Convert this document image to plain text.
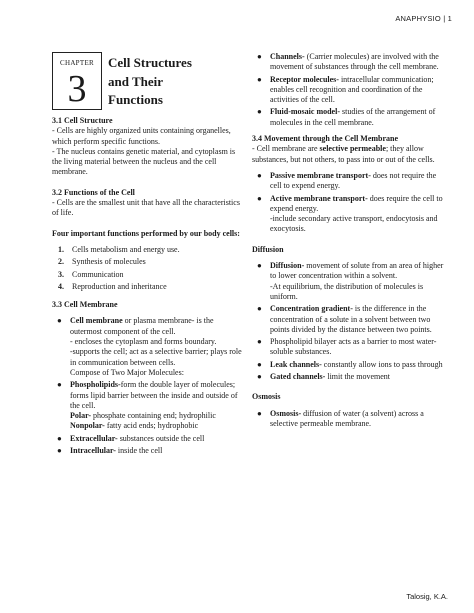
ANAPHYSIO | 1
CHAPTER
3
Cell Structures
and Their
Functions
3.1 Cell Structure
- Cells are highly organized units containing organelles, which perform specific functions.
- The nucleus contains genetic material, and cytoplasm is the living material between the nucleus and the cell membrane.
3.2 Functions of the Cell
- Cells are the smallest unit that have all the characteristics of life.
Four important functions performed by our body cells:
1.	Cells metabolism and energy use.
2.	Synthesis of molecules
3.	Communication
4.	Reproduction and inheritance
3.3 Cell Membrane
●	Cell membrane or plasma membrane- is the outermost component of the cell.
- encloses the cytoplasm and forms boundary.
-supports the cell; act as a selective barrier; plays role in communication between cells.
Compose of Two Major Molecules:
●	Phospholipids-form the double layer of molecules; forms lipid barrier between the inside and outside of the cell.
Polar- phosphate containing end; hydrophilic
Nonpolar- fatty acid ends; hydrophobic
●	Extracellular- substances outside the cell
●	Intracellular- inside the cell
●	Channels- (Carrier molecules) are involved with the movement of substances through the cell membrane.
●	Receptor molecules- intracellular communication; enables cell recognition and coordination of the activities of the cell.
●	Fluid-mosaic model- studies of the arrangement of molecules in the cell membrane.
3.4 Movement through the Cell Membrane
- Cell membrane are selective permeable; they allow substances, but not others, to pass into or out of the cells.
●	Passive membrane transport- does not require the cell to expend energy.
●	Active membrane transport- does require the cell to expend energy.
-include secondary active transport, endocytosis and exocytosis.
Diffusion
●	Diffusion- movement of solute from an area of higher to lower concentration within a solvent.
-At equilibrium, the distribution of molecules is uniform.
●	Concentration gradient- is the difference in the concentration of a solute in a solvent between two points divided by the distance between two points.
●	Phospholipid bilayer acts as a barrier to most water-soluble substances.
●	Leak channels- constantly allow ions to pass through
●	Gated channels- limit the movement
Osmosis
●	Osmosis- diffusion of water (a solvent) across a selective permeable membrane.
Talosig, K.A.
